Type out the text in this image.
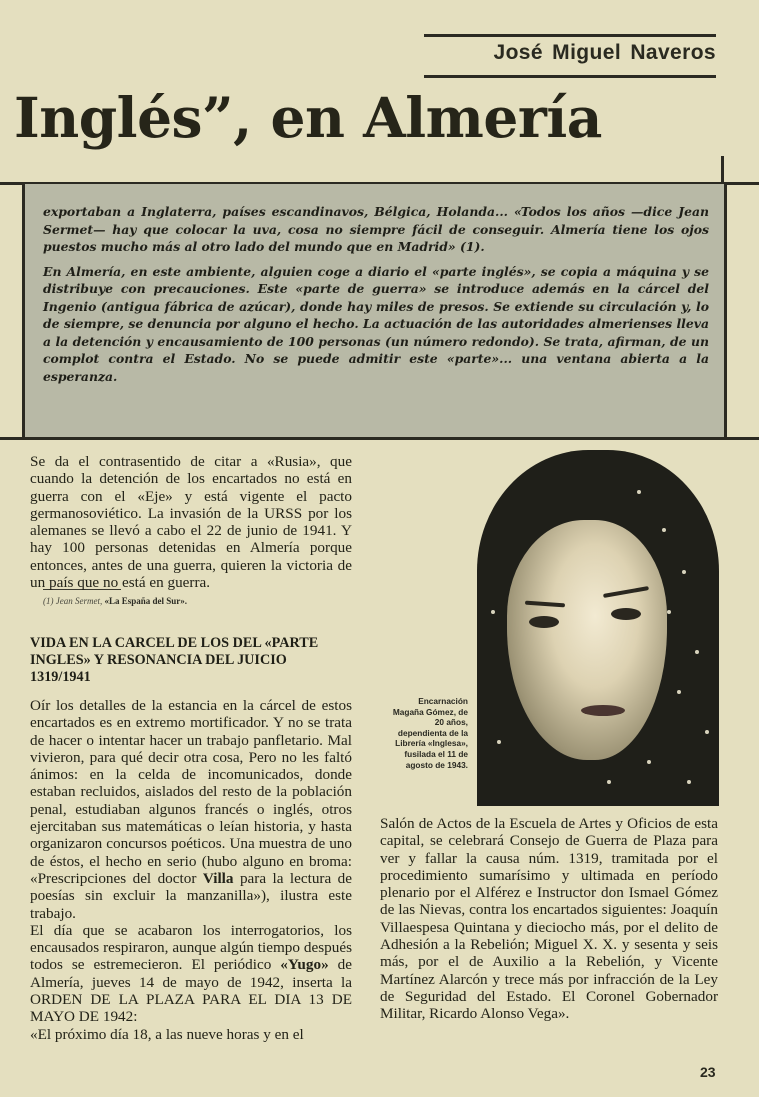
José Miguel Naveros
Inglés”, en Almería

exportaban a Inglaterra, países escandinavos, Bélgica, Holanda... «Todos los años —dice Jean Sermet— hay que colocar la uva, cosa no siempre fácil de conseguir. Almería tiene los ojos puestos mucho más al otro lado del mundo que en Madrid» (1).

En Almería, en este ambiente, alguien coge a diario el «parte inglés», se copia a máquina y se distribuye con precauciones. Este «parte de guerra» se introduce además en la cárcel del Ingenio (antigua fábrica de azúcar), donde hay miles de presos. Se extiende su circulación y, lo de siempre, se denuncia por alguno el hecho. La actuación de las autoridades almerienses lleva a la detención y encausamiento de 100 personas (un número redondo). Se trata, afirman, de un complot contra el Estado. No se puede admitir este «parte»... una ventana abierta a la esperanza.

(1) Jean Sermet, «La España del Sur».

Se da el contrasentido de citar a «Rusia», que cuando la detención de los encartados no está en guerra con el «Eje» y está vigente el pacto germanosoviético. La invasión de la URSS por los alemanes se llevó a cabo el 22 de junio de 1941. Y hay 100 personas detenidas en Almería porque entonces, antes de una guerra, quieren la victoria de un país que no está en guerra.

VIDA EN LA CARCEL DE LOS DEL «PARTE INGLES» Y RESONANCIA DEL JUICIO 1319/1941

Oír los detalles de la estancia en la cárcel de estos encartados es en extremo mortificador. Y no se trata de hacer o intentar hacer un trabajo panfletario. Mal vivieron, para qué decir otra cosa, Pero no les faltó ánimos: en la celda de incomunicados, donde estaban recluidos, aislados del resto de la población penal, estudiaban algunos francés o inglés, otros ejercitaban sus matemáticas o leían historia, y hasta organizaron concursos poéticos. Una muestra de uno de éstos, el hecho en serio (hubo alguno en broma: «Prescripciones del doctor Villa para la lectura de poesías sin excluir la manzanilla»), ilustra este trabajo.

El día que se acabaron los interrogatorios, los encausados respiraron, aunque algún tiempo después todos se estremecieron. El periódico «Yugo» de Almería, jueves 14 de mayo de 1942, inserta la ORDEN DE LA PLAZA PARA EL DIA 13 DE MAYO DE 1942:

«El próximo día 18, a las nueve horas y en el

Encarnación Magaña Gómez, de 20 años, dependienta de la Librería «Inglesa», fusilada el 11 de agosto de 1943.

Salón de Actos de la Escuela de Artes y Oficios de esta capital, se celebrará Consejo de Guerra de Plaza para ver y fallar la causa núm. 1319, tramitada por el procedimiento sumarísimo y ultimada en período plenario por el Alférez e Instructor don Ismael Gómez de las Nievas, contra los encartados siguientes: Joaquín Villaespesa Quintana y dieciocho más, por el delito de Adhesión a la Rebelión; Miguel X. X. y sesenta y seis más, por el de Auxilio a la Rebelión, y Vicente Martínez Alarcón y trece más por infracción de la Ley de Seguridad del Estado. El Coronel Gobernador Militar, Ricardo Alonso Vega».

23
